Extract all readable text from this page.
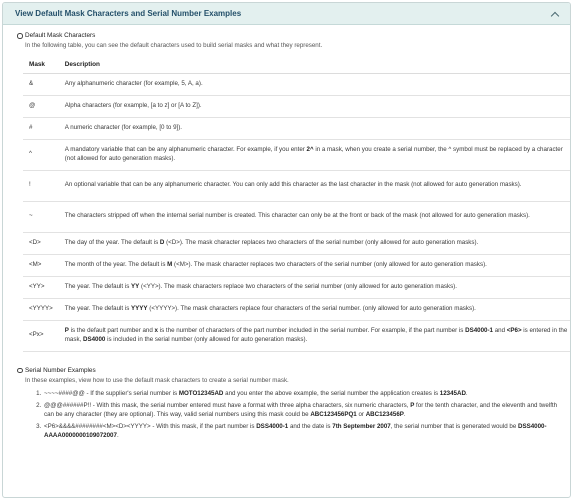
View Default Mask Characters and Serial Number Examples
Default Mask Characters
In the following table, you can see the default characters used to build serial masks and what they represent.
Mask	Description
&	Any alphanumeric character (for example, 5, A, a).
@	Alpha characters (for example, [a to z] or [A to Z]).
#	A numeric character (for example, [0 to 9]).
^	A mandatory variable that can be any alphanumeric character. For example, if you enter 2^ in a mask, when you create a serial number, the ^ symbol must be replaced by a character (not allowed for auto generation masks).
!	An optional variable that can be any alphanumeric character. You can only add this character as the last character in the mask (not allowed for auto generation masks).
~	The characters stripped off when the internal serial number is created. This character can only be at the front or back of the mask (not allowed for auto generation masks).
<D>	The day of the year. The default is D (<D>). The mask character replaces two characters of the serial number (only allowed for auto generation masks).
<M>	The month of the year. The default is M (<M>). The mask character replaces two characters of the serial number (only allowed for auto generation masks).
<YY>	The year. The default is YY (<YY>). The mask characters replace two characters of the serial number (only allowed for auto generation masks).
<YYYY>	The year. The default is YYYY (<YYYY>). The mask characters replace four characters of the serial number. (only allowed for auto generation masks).
<Px>	P is the default part number and x is the number of characters of the part number included in the serial number. For example, if the part number is DS4000-1 and <P6> is entered in the mask, DS4000 is included in the serial number (only allowed for auto generation masks).
Serial Number Examples
In these examples, view how to use the default mask characters to create a serial number mask.
1. ~~~~####@@ - If the supplier's serial number is MOTO12345AD and you enter the above example, the serial number the application creates is 12345AD.
2. @@@######P!! - With this mask, the serial number entered must have a format with three alpha characters, six numeric characters, P for the tenth character, and the eleventh and twelfth can be any character (they are optional). This way, valid serial numbers using this mask could be ABC123456PQ1 or ABC123456P.
3. <P6>&&&&########<M><D><YYYY> - With this mask, if the part number is DSS4000-1 and the date is 7th September 2007, the serial number that is generated would be DSS4000-AAAA0000000109072007.
